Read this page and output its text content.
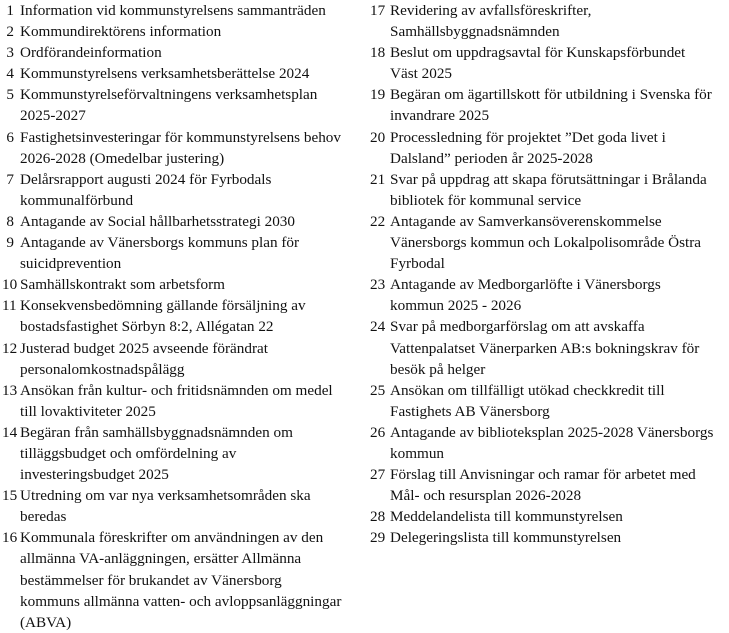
1 Information vid kommunstyrelsens sammanträden
2 Kommundirektörens information
3 Ordförandeinformation
4 Kommunstyrelsens verksamhetsberättelse 2024
5 Kommunstyrelseförvaltningens verksamhetsplan
2025-2027
6 Fastighetsinvesteringar för kommunstyrelsens behov
2026-2028 (Omedelbar justering)
7 Delårsrapport augusti 2024 för Fyrbodals
kommunalförbund
8 Antagande av Social hållbarhetsstrategi 2030
9 Antagande av Vänersborgs kommuns plan för
suicidprevention
10 Samhällskontrakt som arbetsform
11 Konsekvensbedömning gällande försäljning av
bostadsfastighet Sörbyn 8:2, Allégatan 22
12 Justerad budget 2025 avseende förändrat
personalomkostnadspålägg
13 Ansökan från kultur- och fritidsnämnden om medel
till lovaktiviteter 2025
14 Begäran från samhällsbyggnadsnämnden om
tilläggsbudget och omfördelning av
investeringsbudget 2025
15 Utredning om var nya verksamhetsområden ska
beredas
16 Kommunala föreskrifter om användningen av den
allmänna VA-anläggningen, ersätter Allmänna
bestämmelser för brukandet av Vänersborg
kommuns allmänna vatten- och avloppsanläggningar
(ABVA)
17 Revidering av avfallsföreskrifter,
Samhällsbyggnadsnämnden
18 Beslut om uppdragsavtal för Kunskapsförbundet
Väst 2025
19 Begäran om ägartillskott för utbildning i Svenska för
invandrare 2025
20 Processledning för projektet ”Det goda livet i
Dalsland” perioden år 2025-2028
21 Svar på uppdrag att skapa förutsättningar i Brålanda
bibliotek för kommunal service
22 Antagande av Samverkansöverenskommelse
Vänersborgs kommun och Lokalpolisområde Östra
Fyrbodal
23 Antagande av Medborgarlöfte i Vänersborgs
kommun 2025 - 2026
24 Svar på medborgarförslag om att avskaffa
Vattenpalatset Vänerparken AB:s bokningskrav för
besök på helger
25 Ansökan om tillfälligt utökad checkkredit till
Fastighets AB Vänersborg
26 Antagande av biblioteksplan 2025-2028 Vänersborgs
kommun
27 Förslag till Anvisningar och ramar för arbetet med
Mål- och resursplan 2026-2028
28 Meddelandelista till kommunstyrelsen
29 Delegeringslista till kommunstyrelsen
